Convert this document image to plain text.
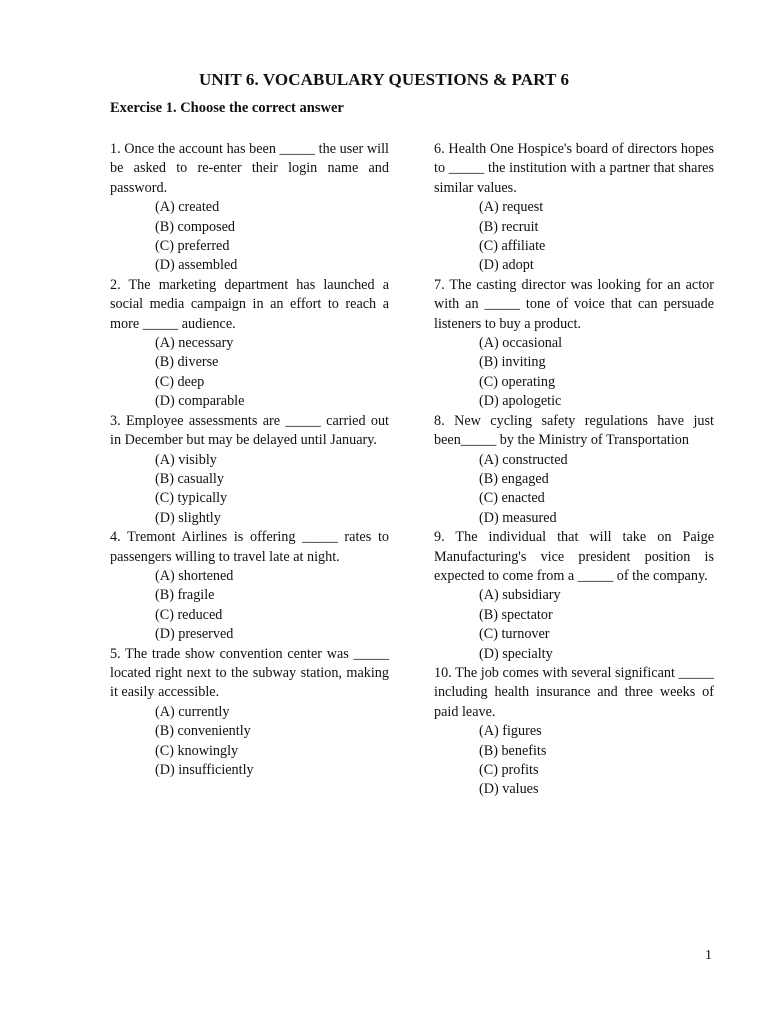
UNIT 6. VOCABULARY QUESTIONS & PART 6
Exercise 1. Choose the correct answer
1. Once the account has been _____ the user will be asked to re-enter their login name and password.
(A) created
(B) composed
(C) preferred
(D) assembled
2. The marketing department has launched a social media campaign in an effort to reach a more _____ audience.
(A) necessary
(B) diverse
(C) deep
(D) comparable
3. Employee assessments are _____ carried out in December but may be delayed until January.
(A) visibly
(B) casually
(C) typically
(D) slightly
4. Tremont Airlines is offering _____ rates to passengers willing to travel late at night.
(A) shortened
(B) fragile
(C) reduced
(D) preserved
5. The trade show convention center was _____ located right next to the subway station, making it easily accessible.
(A) currently
(B) conveniently
(C) knowingly
(D) insufficiently
6. Health One Hospice's board of directors hopes to _____ the institution with a partner that shares similar values.
(A) request
(B) recruit
(C) affiliate
(D) adopt
7. The casting director was looking for an actor with an _____ tone of voice that can persuade listeners to buy a product.
(A) occasional
(B) inviting
(C) operating
(D) apologetic
8. New cycling safety regulations have just been_____ by the Ministry of Transportation
(A) constructed
(B) engaged
(C) enacted
(D) measured
9. The individual that will take on Paige Manufacturing's vice president position is expected to come from a _____ of the company.
(A) subsidiary
(B) spectator
(C) turnover
(D) specialty
10. The job comes with several significant _____ including health insurance and three weeks of paid leave.
(A) figures
(B) benefits
(C) profits
(D) values
1
